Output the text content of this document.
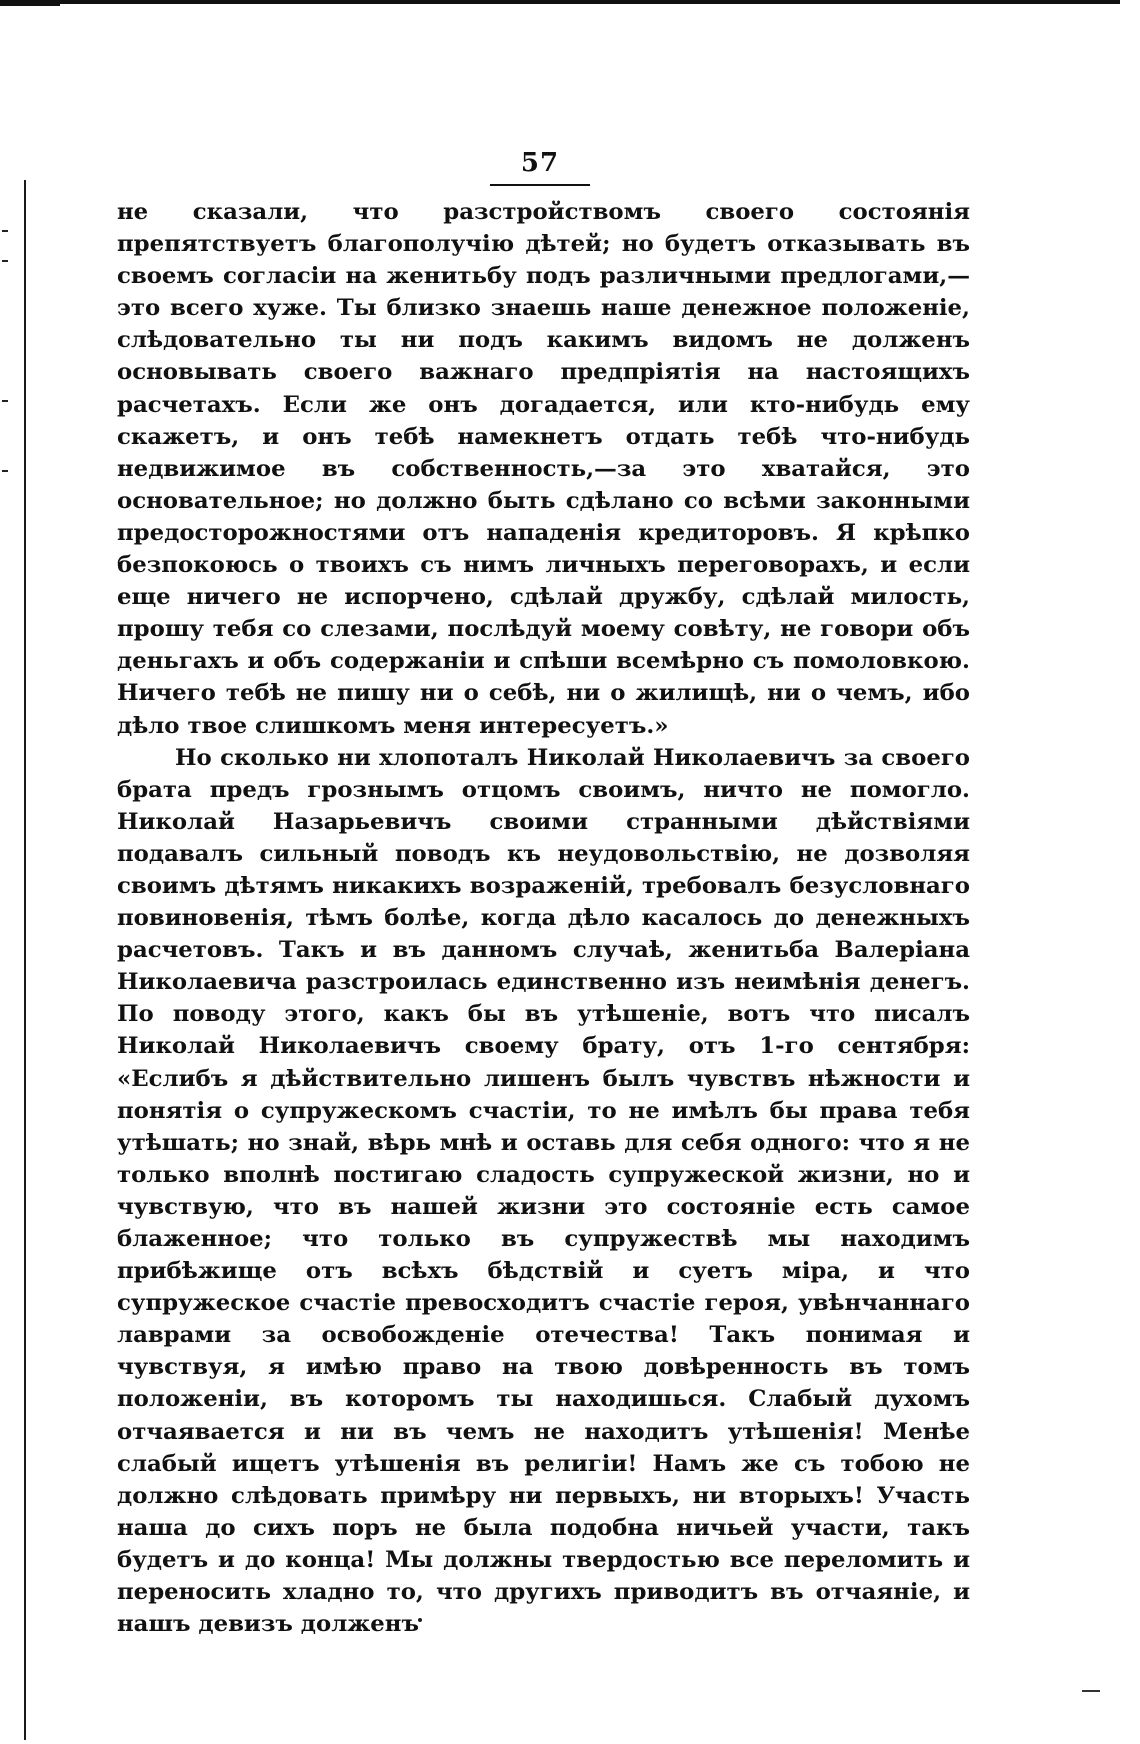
57

не сказали, что разстройствомъ своего состоянія препятствуетъ благополучію дѣтей; но будетъ отказывать въ своемъ согласіи на женитьбу подъ различными предлогами,—это всего хуже. Ты близко знаешь наше денежное положеніе, слѣдовательно ты ни подъ какимъ видомъ не долженъ основывать своего важнаго предпріятія на настоящихъ расчетахъ. Если же онъ догадается, или кто-нибудь ему скажетъ, и онъ тебѣ намекнетъ отдать тебѣ что-нибудь недвижимое въ собственность,—за это хватайся, это основательное; но должно быть сдѣлано со всѣми законными предосторожностями отъ нападенія кредиторовъ. Я крѣпко безпокоюсь о твоихъ съ нимъ личныхъ переговорахъ, и если еще ничего не испорчено, сдѣлай дружбу, сдѣлай милость, прошу тебя со слезами, послѣдуй моему совѣту, не говори объ деньгахъ и объ содержаніи и спѣши всемѣрно съ помоловкою. Ничего тебѣ не пишу ни о себѣ, ни о жилищѣ, ни о чемъ, ибо дѣло твое слишкомъ меня интересуетъ.»

Но сколько ни хлопоталъ Николай Николаевичъ за своего брата предъ грознымъ отцомъ своимъ, ничто не помогло. Николай Назарьевичъ своими странными дѣйствіями подавалъ сильный поводъ къ неудовольствію, не дозволяя своимъ дѣтямъ никакихъ возраженій, требовалъ безусловнаго повиновенія, тѣмъ болѣе, когда дѣло касалось до денежныхъ расчетовъ. Такъ и въ данномъ случаѣ, женитьба Валеріана Николаевича разстроилась единственно изъ неимѣнія денегъ. По поводу этого, какъ бы въ утѣшеніе, вотъ что писалъ Николай Николаевичъ своему брату, отъ 1-го сентября: «Еслибъ я дѣйствительно лишенъ былъ чувствъ нѣжности и понятія о супружескомъ счастіи, то не имѣлъ бы права тебя утѣшать; но знай, вѣрь мнѣ и оставь для себя одного: что я не только вполнѣ постигаю сладость супружеской жизни, но и чувствую, что въ нашей жизни это состояніе есть самое блаженное; что только въ супружествѣ мы находимъ прибѣжище отъ всѣхъ бѣдствій и суетъ міра, и что супружеское счастіе превосходитъ счастіе героя, увѣнчаннаго лаврами за освобожденіе отечества! Такъ понимая и чувствуя, я имѣю право на твою довѣренность въ томъ положеніи, въ которомъ ты находишься. Слабый духомъ отчаявается и ни въ чемъ не находитъ утѣшенія! Менѣе слабый ищетъ утѣшенія въ религіи! Намъ же съ тобою не должно слѣдовать примѣру ни первыхъ, ни вторыхъ! Участь наша до сихъ поръ не была подобна ничьей участи, такъ будетъ и до конца! Мы должны твердостью все переломить и переносить хладно то, что другихъ приводитъ въ отчаяніе, и нашъ девизъ долженъ
